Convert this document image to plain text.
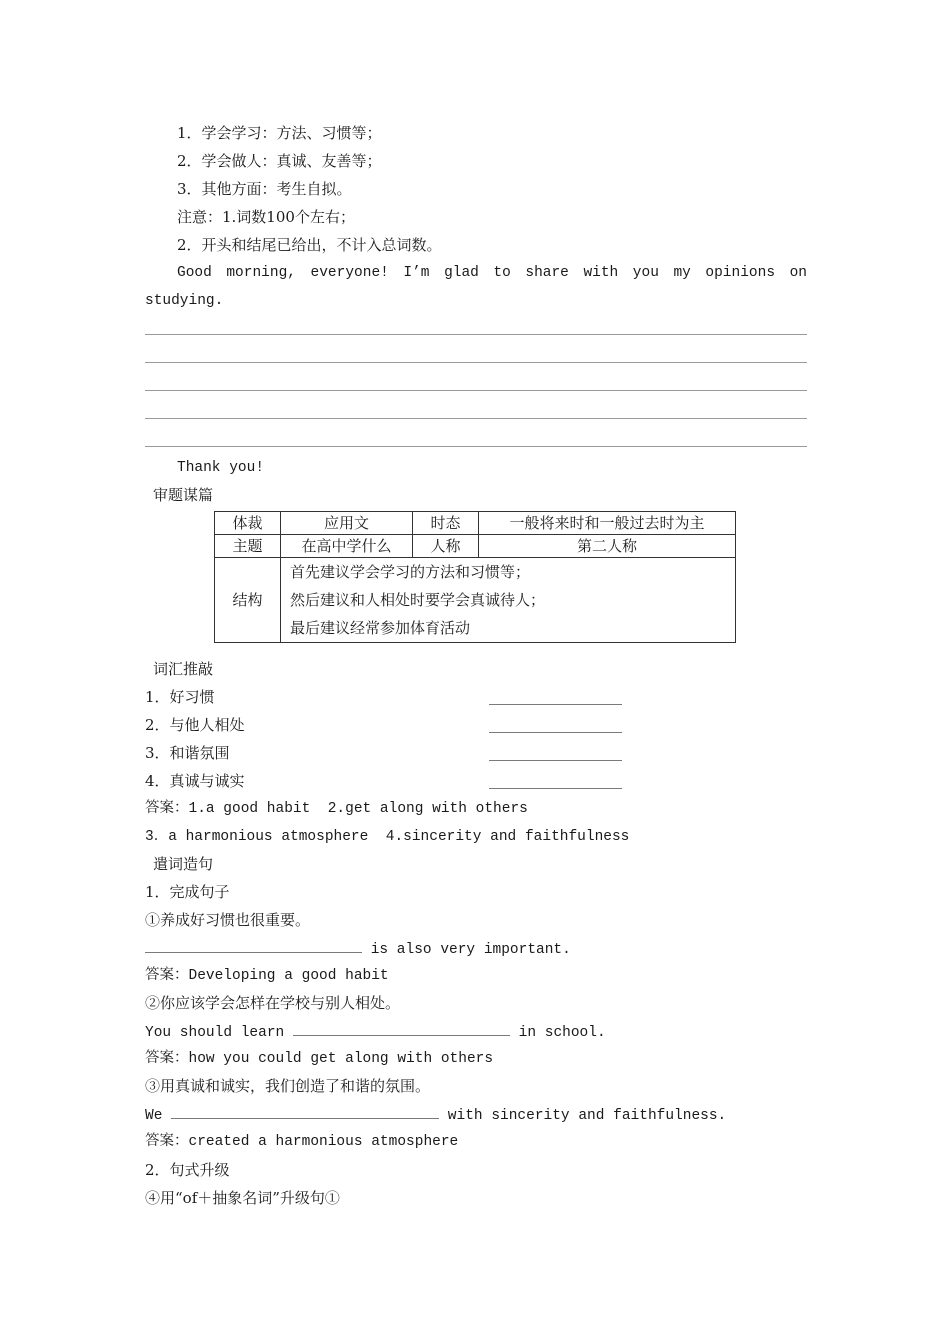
1．学会学习：方法、习惯等；
2．学会做人：真诚、友善等；
3．其他方面：考生自拟。
注意：1.词数100个左右；
2．开头和结尾已给出，不计入总词数。
Good morning, everyone! I’m glad to share with you my opinions on
studying.
Thank you!
审题谋篇
体裁	应用文	时态	一般将来时和一般过去时为主
主题	在高中学什么	人称	第二人称
结构	首先建议学会学习的方法和习惯等；
然后建议和人相处时要学会真诚待人；
最后建议经常参加体育活动		
词汇推敲
1．好习惯
2．与他人相处
3．和谐氛围
4．真诚与诚实
答案：1.a good habit  2.get along with others
3．a harmonious atmosphere  4.sincerity and faithfulness
遣词造句
1．完成句子
①养成好习惯也很重要。
is also very important.
答案：Developing a good habit
②你应该学会怎样在学校与别人相处。
You should learn	in school.
答案：how you could get along with others
③用真诚和诚实，我们创造了和谐的氛围。
We	with sincerity and faithfulness.
答案：created a harmonious atmosphere
2．句式升级
④用“of＋抽象名词”升级句①
